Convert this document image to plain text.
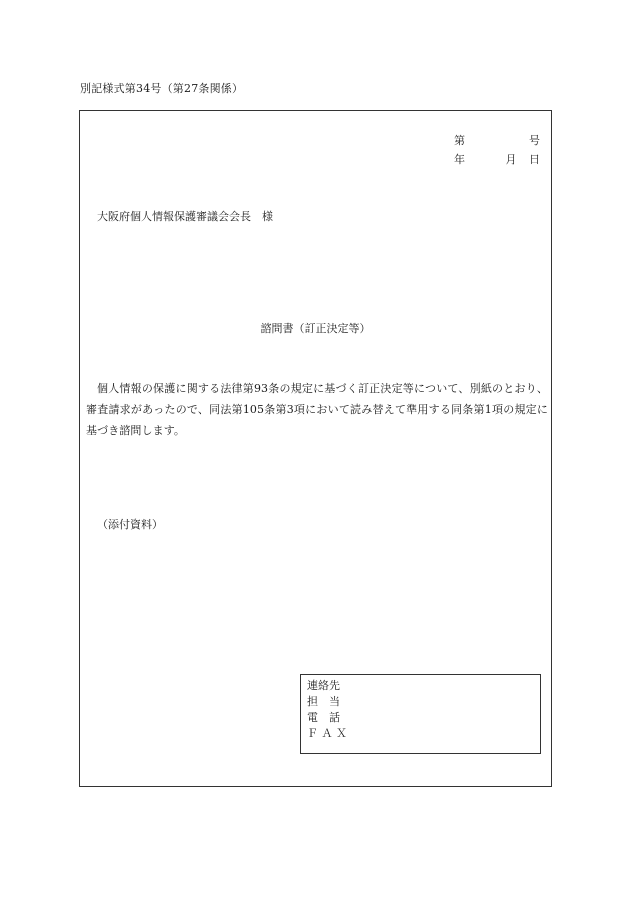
別記様式第34号（第27条関係）
第	号
年	月 日
大阪府個人情報保護審議会会長　様
諮問書（訂正決定等）

個人情報の保護に関する法律第93条の規定に基づく訂正決定等について、別紙のとおり、審査請求があったので、同法第105条第3項において読み替えて準用する同条第1項の規定に基づき諮問します。

（添付資料）
連絡先
担　当
電　話
Ｆ Ａ Ｘ
